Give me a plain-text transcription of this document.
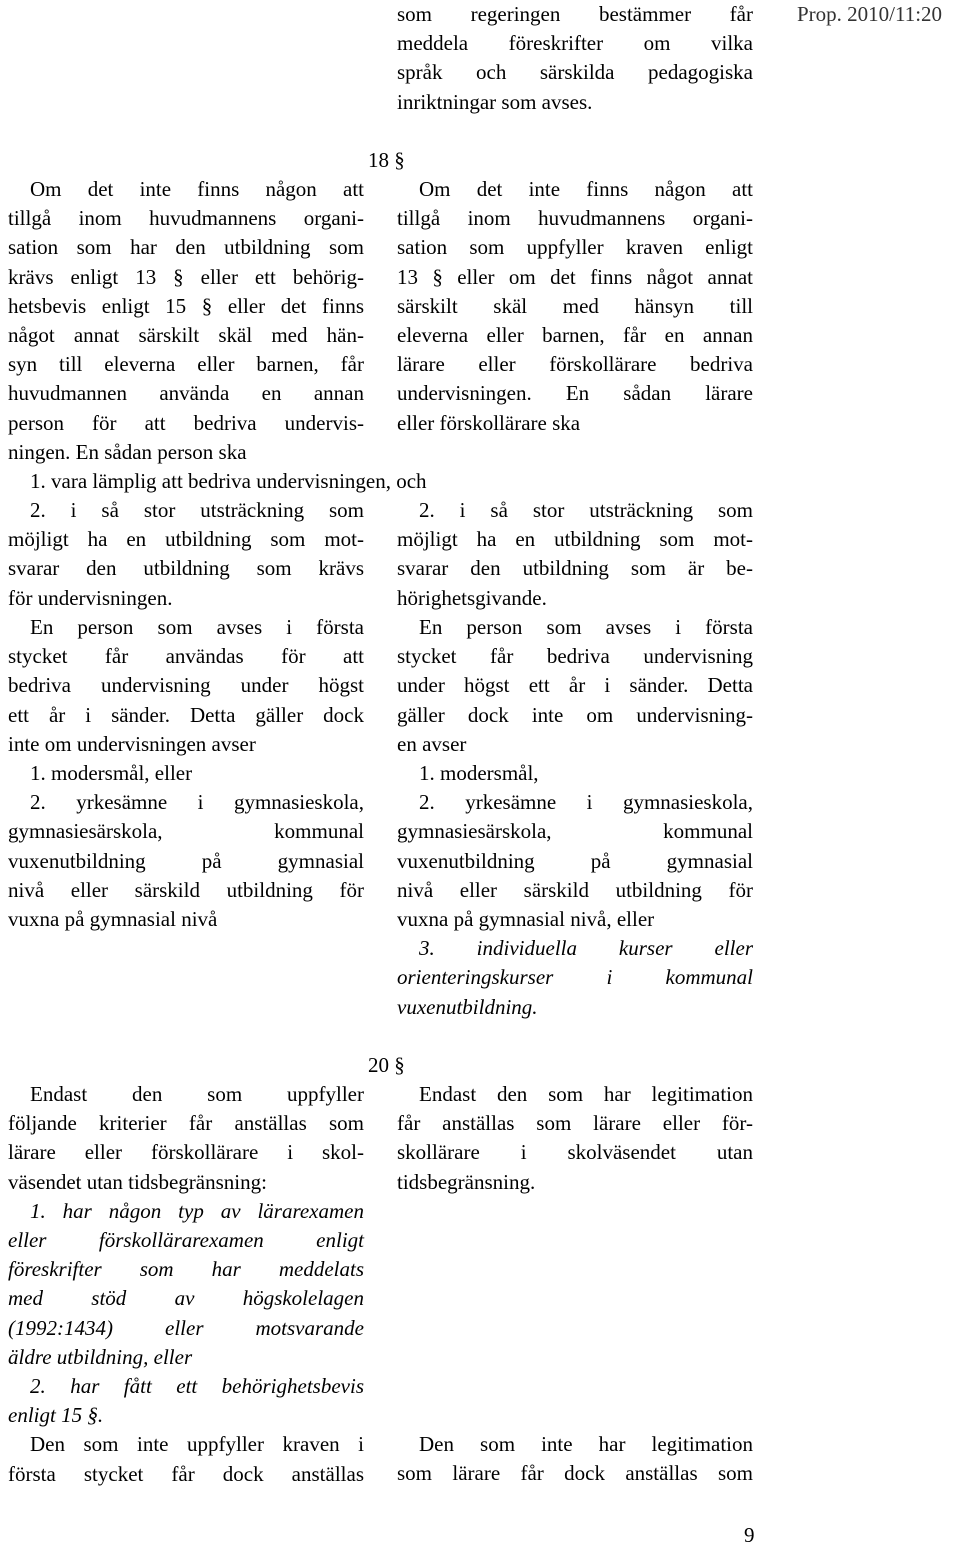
som regeringen bestämmer får
meddela föreskrifter om vilka
språk och särskilda pedagogiska
inriktningar som avses.
Prop. 2010/11:20
18 §
Om det inte finns någon att
tillgå inom huvudmannens organi-
sation som har den utbildning som
krävs enligt 13 § eller ett behörig-
hetsbevis enligt 15 § eller det finns
något annat särskilt skäl med hän-
syn till eleverna eller barnen, får
huvudmannen använda en annan
person för att bedriva undervis-
ningen. En sådan person ska
Om det inte finns någon att
tillgå inom huvudmannens organi-
sation som uppfyller kraven enligt
13 § eller om det finns något annat
särskilt skäl med hänsyn till
eleverna eller barnen, får en annan
lärare eller förskollärare bedriva
undervisningen. En sådan lärare
eller förskollärare ska
1. vara lämplig att bedriva undervisningen, och
2. i så stor utsträckning som
möjligt ha en utbildning som mot-
svarar den utbildning som krävs
för undervisningen.
2. i så stor utsträckning som
möjligt ha en utbildning som mot-
svarar den utbildning som är be-
hörighetsgivande.
En person som avses i första
stycket får användas för att
bedriva undervisning under högst
ett år i sänder. Detta gäller dock
inte om undervisningen avser
En person som avses i första
stycket får bedriva undervisning
under högst ett år i sänder. Detta
gäller dock inte om undervisning-
en avser
1. modersmål, eller
2. yrkesämne i gymnasieskola,
gymnasiesärskola, kommunal
vuxenutbildning på gymnasial
nivå eller särskild utbildning för
vuxna på gymnasial nivå
1. modersmål,
2. yrkesämne i gymnasieskola,
gymnasiesärskola, kommunal
vuxenutbildning på gymnasial
nivå eller särskild utbildning för
vuxna på gymnasial nivå, eller
3. individuella kurser eller
orienteringskurser i kommunal
vuxenutbildning.
20 §
Endast den som uppfyller
följande kriterier får anställas som
lärare eller förskollärare i skol-
väsendet utan tidsbegränsning:
1. har någon typ av lärarexamen
eller förskollärarexamen enligt
föreskrifter som har meddelats
med stöd av högskolelagen
(1992:1434) eller motsvarande
äldre utbildning, eller
2. har fått ett behörighetsbevis
enligt 15 §.
Den som inte uppfyller kraven i
första stycket får dock anställas
Endast den som har legitimation
får anställas som lärare eller för-
skollärare i skolväsendet utan
tidsbegränsning.
Den som inte har legitimation
som lärare får dock anställas som
9
